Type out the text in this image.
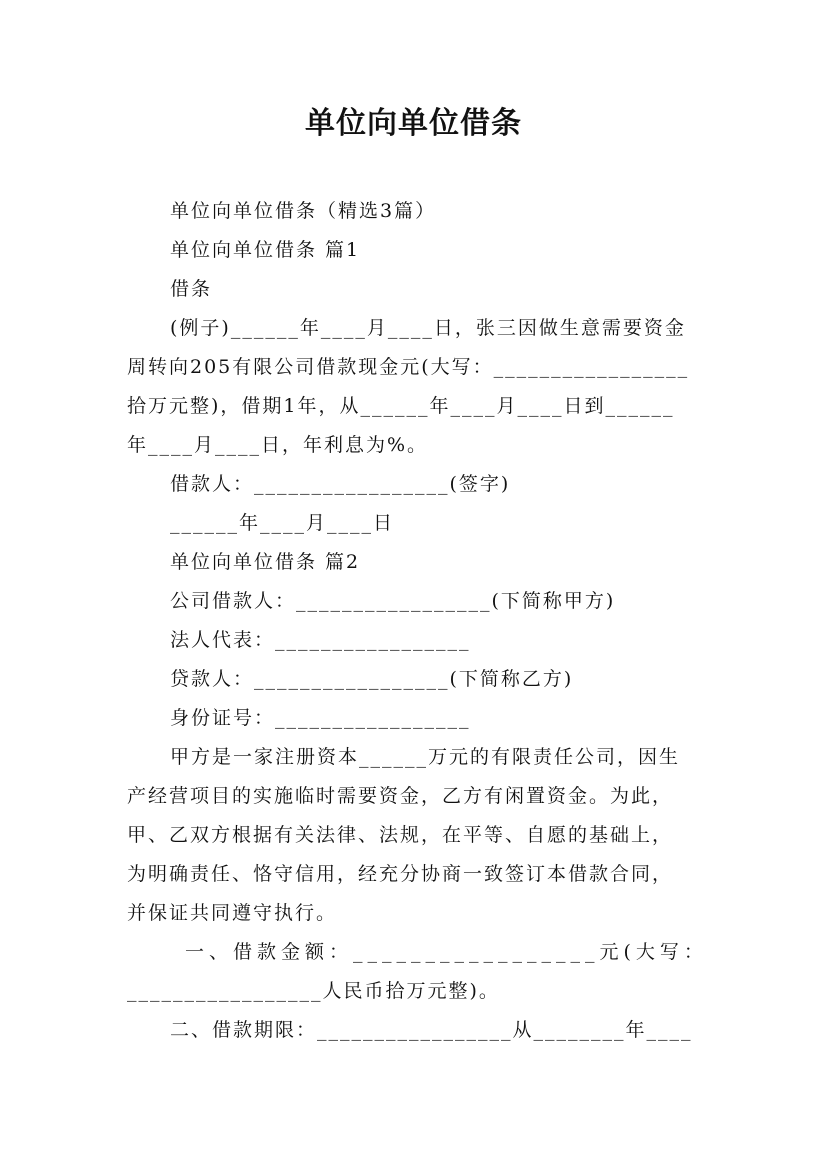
单位向单位借条
单位向单位借条（精选3篇）
单位向单位借条 篇1
借条
(例子)______年____月____日，张三因做生意需要资金
周转向205有限公司借款现金元(大写：_________________
拾万元整)，借期1年，从______年____月____日到______
年____月____日，年利息为%。
借款人：_________________(签字)
______年____月____日
单位向单位借条 篇2
公司借款人：_________________(下简称甲方)
法人代表：_________________
贷款人：_________________(下简称乙方)
身份证号：_________________
甲方是一家注册资本______万元的有限责任公司，因生
产经营项目的实施临时需要资金，乙方有闲置资金。为此，
甲、乙双方根据有关法律、法规，在平等、自愿的基础上，
为明确责任、恪守信用，经充分协商一致签订本借款合同，
并保证共同遵守执行。
一、借款金额：_________________元(大写：
_________________人民币拾万元整)。
二、借款期限：_________________从________年____
